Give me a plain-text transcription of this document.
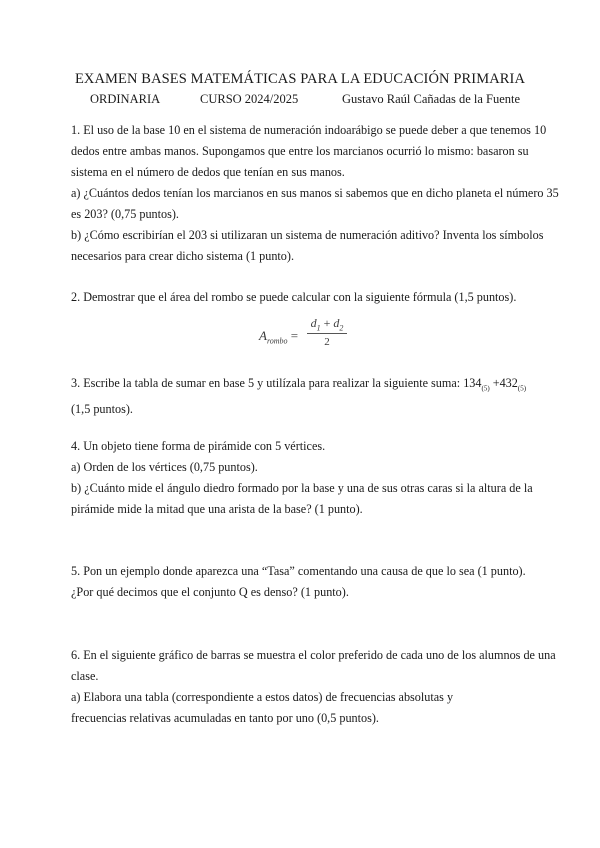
EXAMEN BASES MATEMÁTICAS PARA LA EDUCACIÓN PRIMARIA
ORDINARIA	CURSO 2024/2025	Gustavo Raúl Cañadas de la Fuente
1. El uso de la base 10 en el sistema de numeración indoarábigo se puede deber a que tenemos 10
dedos entre ambas manos. Supongamos que entre los marcianos ocurrió lo mismo: basaron su
sistema en el número de dedos que tenían en sus manos.
a) ¿Cuántos dedos tenían los marcianos en sus manos si sabemos que en dicho planeta el número 35
es 203? (0,75 puntos).
b) ¿Cómo escribirían el 203 si utilizaran un sistema de numeración aditivo? Inventa los símbolos
necesarios para crear dicho sistema (1 punto).
2. Demostrar que el área del rombo se puede calcular con la siguiente fórmula (1,5 puntos).
$A_{rombo}$ =
$d_1 + d_2$
2
3. Escribe la tabla de sumar en base 5 y utilízala para realizar la siguiente suma: $134_{(5)} +432_{(5)}$
(1,5 puntos).
4. Un objeto tiene forma de pirámide con 5 vértices.
a) Orden de los vértices (0,75 puntos).
b) ¿Cuánto mide el ángulo diedro formado por la base y una de sus otras caras si la altura de la
pirámide mide la mitad que una arista de la base? (1 punto).
5. Pon un ejemplo donde aparezca una “Tasa” comentando una causa de que lo sea (1 punto).
¿Por qué decimos que el conjunto Q es denso? (1 punto).
6. En el siguiente gráfico de barras se muestra el color preferido de cada uno de los alumnos de una
clase.
a) Elabora una tabla (correspondiente a estos datos) de frecuencias absolutas y
frecuencias relativas acumuladas en tanto por uno (0,5 puntos).
